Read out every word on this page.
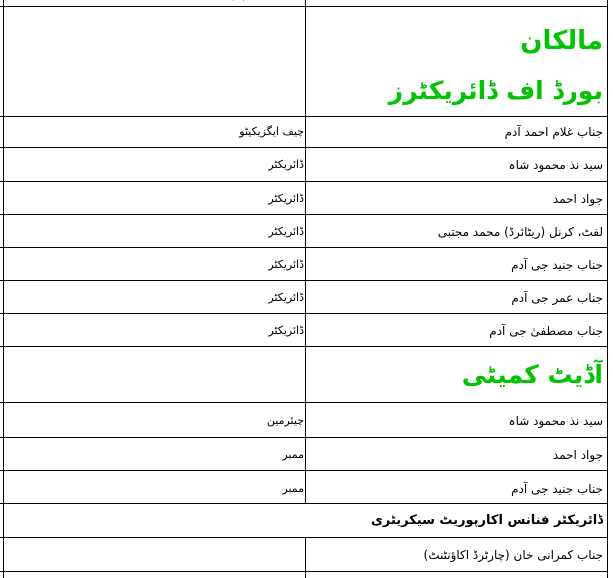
·   ·
مالکان
بورڈ اف ڈائریکٹرز
جناب غلام احمد آدم
چیف ایگزیکیٹو
سید نذ محمود شاہ
ڈائریکٹر
جواد احمد
ڈائریکٹر
لفٹ، کرنل (ریٹائرڈ) محمد مجتبی
ڈائریکٹر
جناب جنید جی آدم
ڈائریکٹر
جناب عمر جی آدم
ڈائریکٹر
جناب مصطفیٰ جی آدم
ڈائریکٹر
آڈیٹ کمیٹی
سید نذ محمود شاہ
چیئرمین
جواد احمد
ممبر
جناب جنید جی آدم
ممبر
ڈائریکٹر فنانس اکارپوریٹ سیکریٹری
جناب کمرانی خان (چارٹرڈ اکاؤنٹنٹ)
